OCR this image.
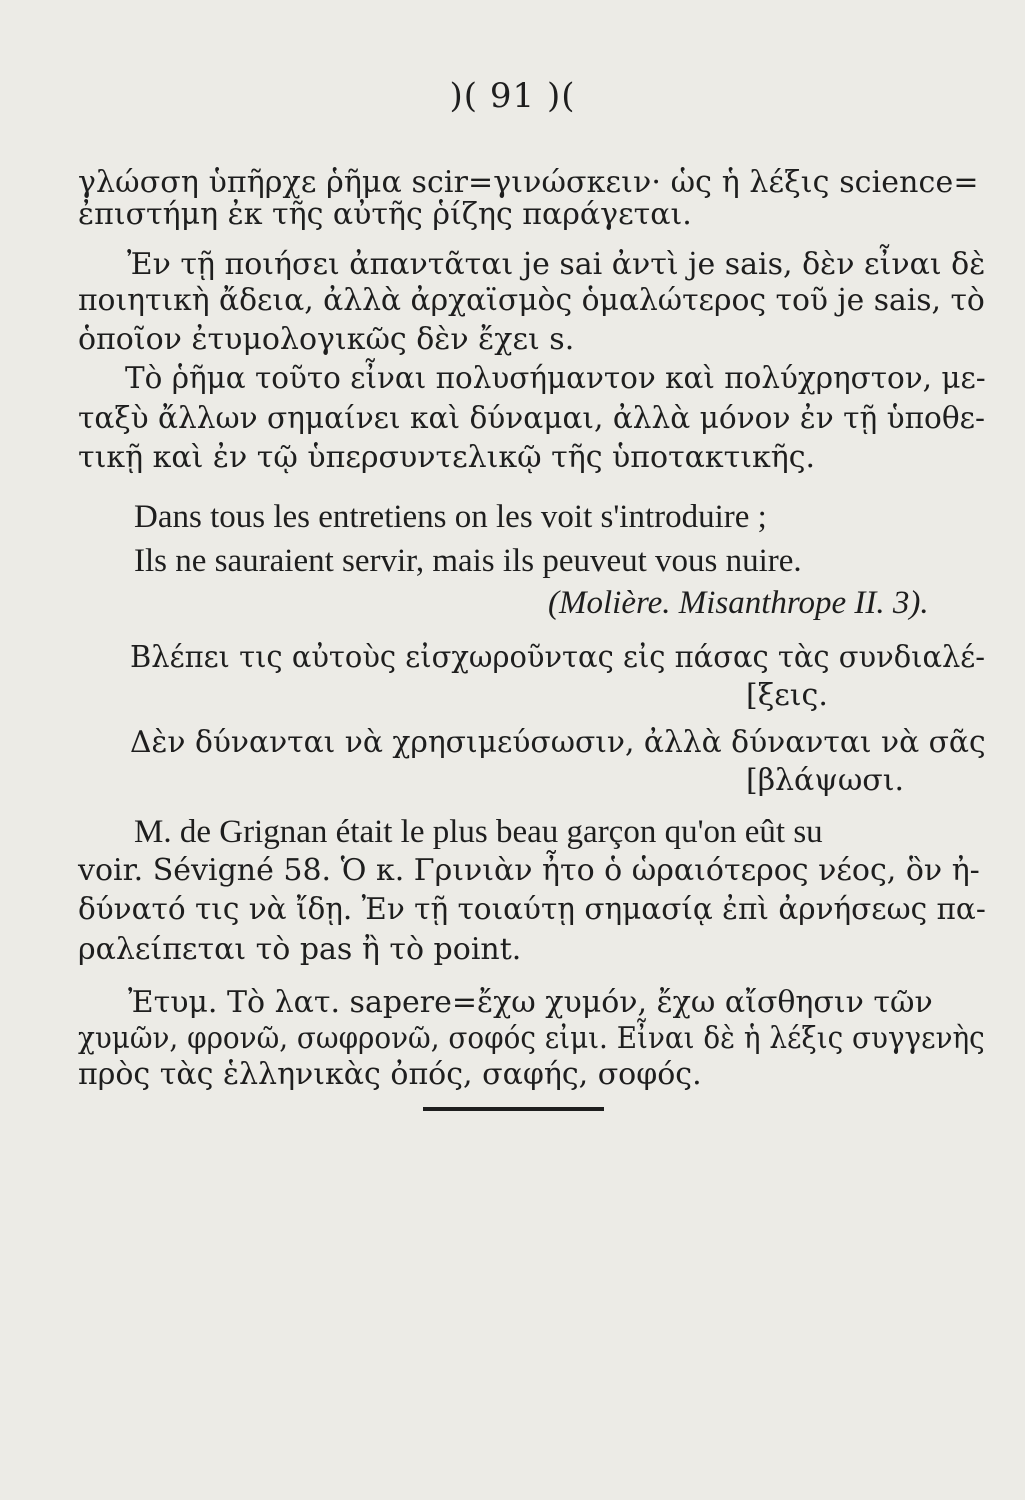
)( 91 )(
γλώσση ὑπῆρχε ῥῆμα scir=γινώσκειν· ὡς ἡ λέξις science=
ἐπιστήμη ἐκ τῆς αὐτῆς ῥίζης παράγεται.
Ἐν τῇ ποιήσει ἀπαντᾶται je sai ἀντὶ je sais, δὲν εἶναι δὲ
ποιητικὴ ἄδεια, ἀλλὰ ἀρχαϊσμὸς ὁμαλώτερος τοῦ je sais, τὸ
ὁποῖον ἐτυμολογικῶς δὲν ἔχει s.
Τὸ ῥῆμα τοῦτο εἶναι πολυσήμαντον καὶ πολύχρηστον, με-
ταξὺ ἄλλων σημαίνει καὶ δύναμαι, ἀλλὰ μόνον ἐν τῇ ὑποθε-
τικῇ καὶ ἐν τῷ ὑπερσυντελικῷ τῆς ὑποτακτικῆς.
Dans tous les entretiens on les voit s'introduire ;
Ils ne sauraient servir, mais ils peuveut vous nuire.
(Molière. Misanthrope II. 3).
Βλέπει τις αὐτοὺς εἰσχωροῦντας εἰς πάσας τὰς συνδιαλέ-
[ξεις.
Δὲν δύνανται νὰ χρησιμεύσωσιν, ἀλλὰ δύνανται νὰ σᾶς
[βλάψωσι.
M. de Grignan était le plus beau garçon qu'on eût su
voir. Sévigné 58. Ὁ κ. Γρινιὰν ἦτο ὁ ὡραιότερος νέος, ὃν ἠ-
δύνατό τις νὰ ἴδῃ. Ἐν τῇ τοιαύτῃ σημασίᾳ ἐπὶ ἀρνήσεως πα-
ραλείπεται τὸ pas ἢ τὸ point.
Ἐτυμ. Τὸ λατ. sapere=ἔχω χυμόν, ἔχω αἴσθησιν τῶν
χυμῶν, φρονῶ, σωφρονῶ, σοφός εἰμι. Εἶναι δὲ ἡ λέξις συγγενὴς
πρὸς τὰς ἑλληνικὰς ὀπός, σαφής, σοφός.
